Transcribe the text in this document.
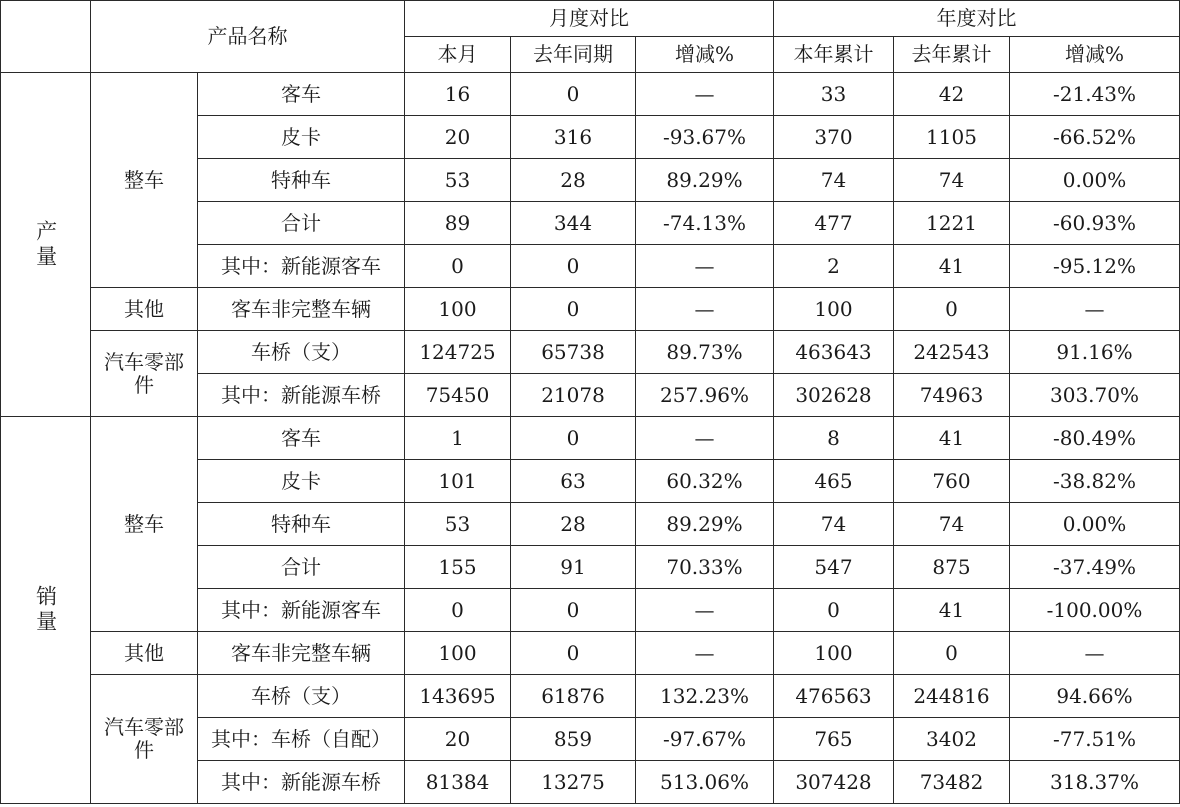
	产品名称		月度对比			年度对比		
			本月	去年同期	增减%	本年累计	去年累计	增减%
产量	整车	客车	16	0	—	33	42	-21.43%
		皮卡	20	316	-93.67%	370	1105	-66.52%
		特种车	53	28	89.29%	74	74	0.00%
		合计	89	344	-74.13%	477	1221	-60.93%
		其中：新能源客车	0	0	—	2	41	-95.12%
	其他	客车非完整车辆	100	0	—	100	0	—
	汽车零部件	车桥（支）	124725	65738	89.73%	463643	242543	91.16%
		其中：新能源车桥	75450	21078	257.96%	302628	74963	303.70%
销量	整车	客车	1	0	—	8	41	-80.49%
		皮卡	101	63	60.32%	465	760	-38.82%
		特种车	53	28	89.29%	74	74	0.00%
		合计	155	91	70.33%	547	875	-37.49%
		其中：新能源客车	0	0	—	0	41	-100.00%
	其他	客车非完整车辆	100	0	—	100	0	—
	汽车零部件	车桥（支）	143695	61876	132.23%	476563	244816	94.66%
		其中：车桥（自配）	20	859	-97.67%	765	3402	-77.51%
		其中：新能源车桥	81384	13275	513.06%	307428	73482	318.37%
